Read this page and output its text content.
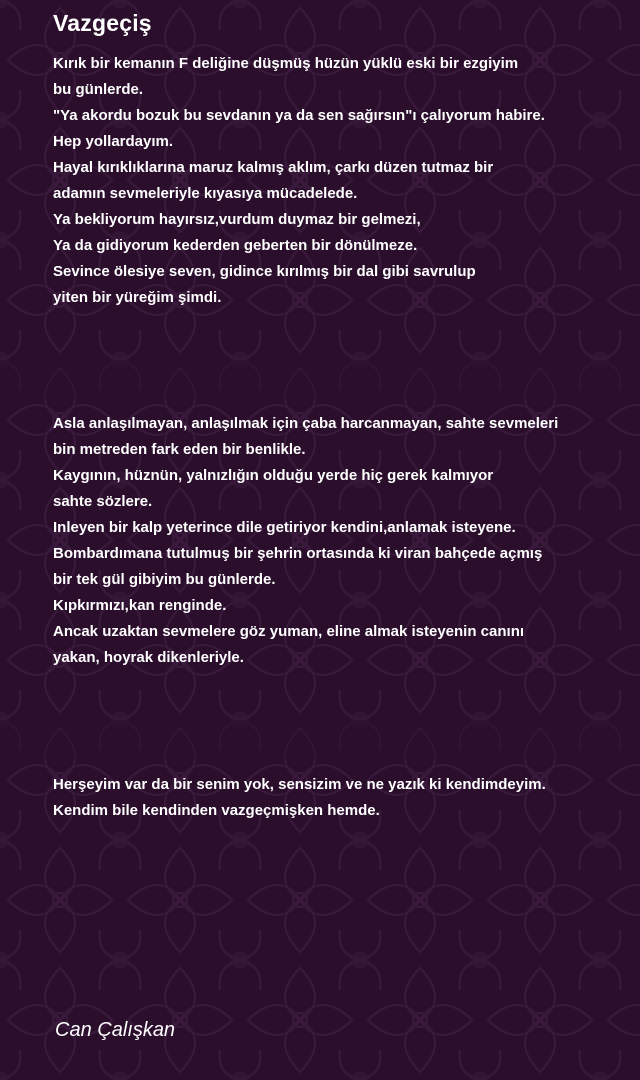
Vazgeçiş
Kırık bir kemanın F deliğine düşmüş hüzün yüklü eski bir ezgiyim
bu günlerde.
"Ya akordu bozuk bu sevdanın ya da sen sağırsın"ı çalıyorum habire.
Hep yollardayım.
Hayal kırıklıklarına maruz kalmış aklım, çarkı düzen tutmaz bir
adamın sevmeleriyle kıyasıya mücadelede.
Ya bekliyorum hayırsız,vurdum duymaz bir gelmezi,
Ya da gidiyorum kederden geberten bir dönülmeze.
Sevince ölesiye seven, gidince kırılmış bir dal gibi savrulup
yiten bir yüreğim şimdi.
Asla anlaşılmayan, anlaşılmak için çaba harcanmayan, sahte sevmeleri
bin metreden fark eden bir benlikle.
Kaygının, hüznün, yalnızlığın olduğu yerde hiç gerek kalmıyor
sahte sözlere.
Inleyen bir kalp yeterince dile getiriyor kendini,anlamak isteyene.
Bombardımana tutulmuş bir şehrin ortasında ki viran bahçede açmış
bir tek gül gibiyim bu günlerde.
Kıpkırmızı,kan renginde.
Ancak uzaktan sevmelere göz yuman, eline almak isteyenin canını
yakan, hoyrak dikenleriyle.
Herşeyim var da bir senim yok, sensizim ve ne yazık ki kendimdeyim.
Kendim bile kendinden vazgeçmişken hemde.
Can Çalışkan
